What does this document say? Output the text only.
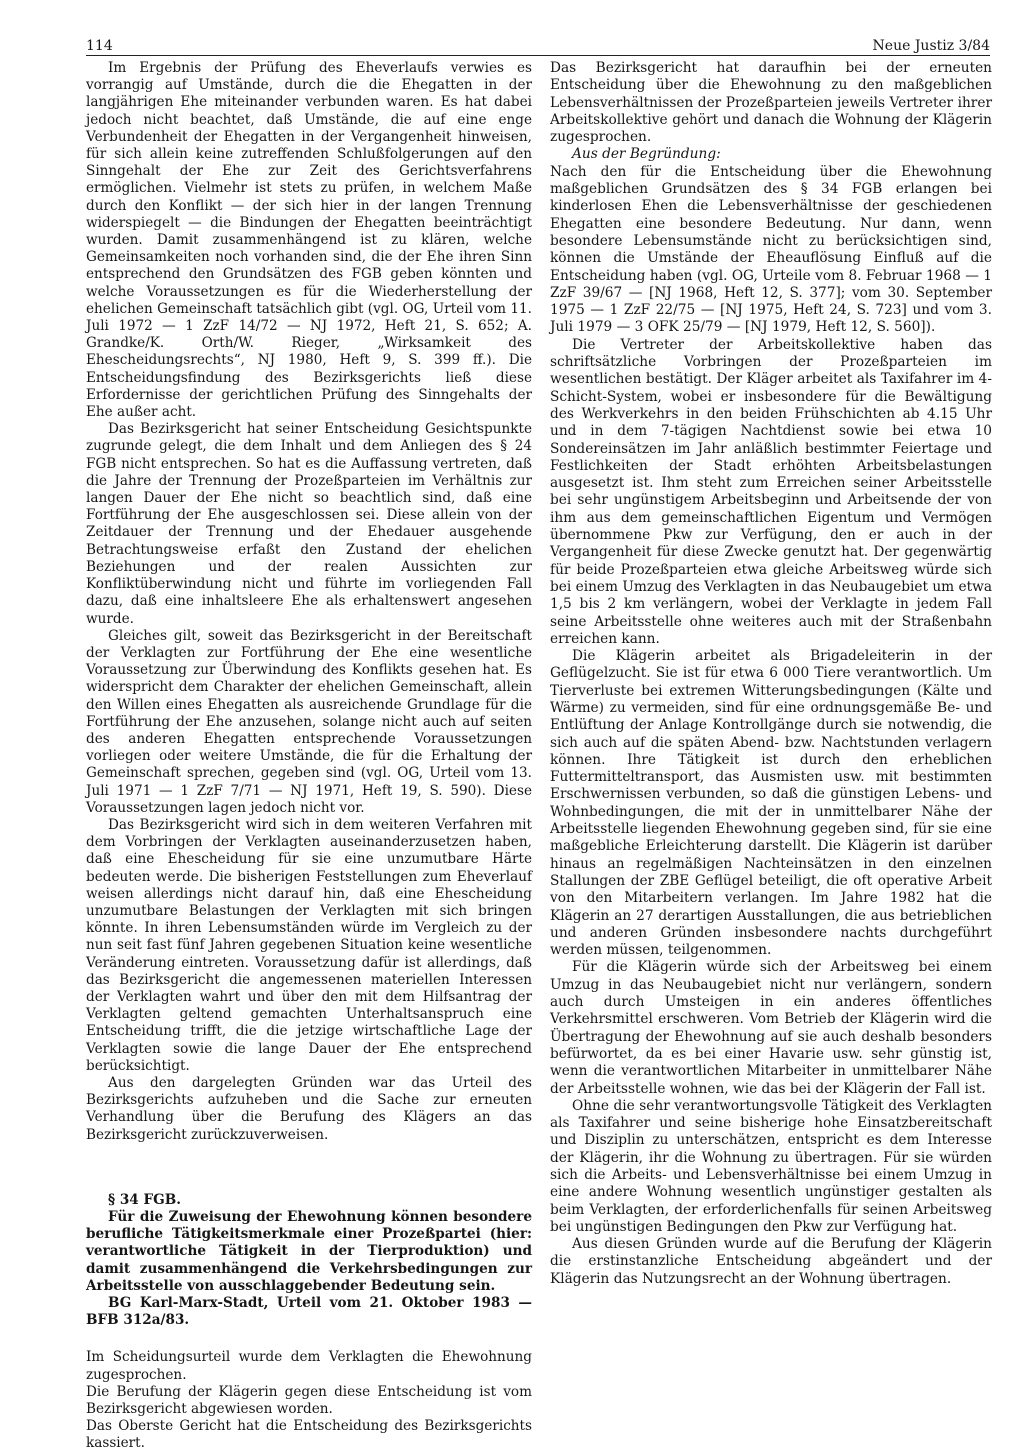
114	Neue Justiz 3/84

Im Ergebnis der Prüfung des Eheverlaufs verwies es vorrangig auf Umstände, durch die die Ehegatten in der langjährigen Ehe miteinander verbunden waren. Es hat dabei jedoch nicht beachtet, daß Umstände, die auf eine enge Verbundenheit der Ehegatten in der Vergangenheit hinweisen, für sich allein keine zutreffenden Schlußfolgerungen auf den Sinngehalt der Ehe zur Zeit des Gerichtsverfahrens ermöglichen. Vielmehr ist stets zu prüfen, in welchem Maße durch den Konflikt — der sich hier in der langen Trennung widerspiegelt — die Bindungen der Ehegatten beeinträchtigt wurden. Damit zusammenhängend ist zu klären, welche Gemeinsamkeiten noch vorhanden sind, die der Ehe ihren Sinn entsprechend den Grundsätzen des FGB geben könnten und welche Voraussetzungen es für die Wiederherstellung der ehelichen Gemeinschaft tatsächlich gibt (vgl. OG, Urteil vom 11. Juli 1972 — 1 ZzF 14/72 — NJ 1972, Heft 21, S. 652; A. Grandke/K. Orth/W. Rieger, „Wirksamkeit des Ehescheidungsrechts“, NJ 1980, Heft 9, S. 399 ff.). Die Entscheidungsfindung des Bezirksgerichts ließ diese Erfordernisse der gerichtlichen Prüfung des Sinngehalts der Ehe außer acht.

Das Bezirksgericht hat seiner Entscheidung Gesichtspunkte zugrunde gelegt, die dem Inhalt und dem Anliegen des § 24 FGB nicht entsprechen. So hat es die Auffassung vertreten, daß die Jahre der Trennung der Prozeßparteien im Verhältnis zur langen Dauer der Ehe nicht so beachtlich sind, daß eine Fortführung der Ehe ausgeschlossen sei. Diese allein von der Zeitdauer der Trennung und der Ehedauer ausgehende Betrachtungsweise erfaßt den Zustand der ehelichen Beziehungen und der realen Aussichten zur Konfliktüberwindung nicht und führte im vorliegenden Fall dazu, daß eine inhaltsleere Ehe als erhaltenswert angesehen wurde.

Gleiches gilt, soweit das Bezirksgericht in der Bereitschaft der Verklagten zur Fortführung der Ehe eine wesentliche Voraussetzung zur Überwindung des Konflikts gesehen hat. Es widerspricht dem Charakter der ehelichen Gemeinschaft, allein den Willen eines Ehegatten als ausreichende Grundlage für die Fortführung der Ehe anzusehen, solange nicht auch auf seiten des anderen Ehegatten entsprechende Voraussetzungen vorliegen oder weitere Umstände, die für die Erhaltung der Gemeinschaft sprechen, gegeben sind (vgl. OG, Urteil vom 13. Juli 1971 — 1 ZzF 7/71 — NJ 1971, Heft 19, S. 590). Diese Voraussetzungen lagen jedoch nicht vor.

Das Bezirksgericht wird sich in dem weiteren Verfahren mit dem Vorbringen der Verklagten auseinanderzusetzen haben, daß eine Ehescheidung für sie eine unzumutbare Härte bedeuten werde. Die bisherigen Feststellungen zum Eheverlauf weisen allerdings nicht darauf hin, daß eine Ehescheidung unzumutbare Belastungen der Verklagten mit sich bringen könnte. In ihren Lebensumständen würde im Vergleich zu der nun seit fast fünf Jahren gegebenen Situation keine wesentliche Veränderung eintreten. Voraussetzung dafür ist allerdings, daß das Bezirksgericht die angemessenen materiellen Interessen der Verklagten wahrt und über den mit dem Hilfsantrag der Verklagten geltend gemachten Unterhaltsanspruch eine Entscheidung trifft, die die jetzige wirtschaftliche Lage der Verklagten sowie die lange Dauer der Ehe entsprechend berücksichtigt.

Aus den dargelegten Gründen war das Urteil des Bezirksgerichts aufzuheben und die Sache zur erneuten Verhandlung über die Berufung des Klägers an das Bezirksgericht zurückzuverweisen.

§ 34 FGB.

Für die Zuweisung der Ehewohnung können besondere berufliche Tätigkeitsmerkmale einer Prozeßpartei (hier: verantwortliche Tätigkeit in der Tierproduktion) und damit zusammenhängend die Verkehrsbedingungen zur Arbeitsstelle von ausschlaggebender Bedeutung sein.

BG Karl-Marx-Stadt, Urteil vom 21. Oktober 1983 — BFB 312a/83.

Im Scheidungsurteil wurde dem Verklagten die Ehewohnung zugesprochen.

Die Berufung der Klägerin gegen diese Entscheidung ist vom Bezirksgericht abgewiesen worden.

Das Oberste Gericht hat die Entscheidung des Bezirksgerichts kassiert.

Das Bezirksgericht hat daraufhin bei der erneuten Entscheidung über die Ehewohnung zu den maßgeblichen Lebensverhältnissen der Prozeßparteien jeweils Vertreter ihrer Arbeitskollektive gehört und danach die Wohnung der Klägerin zugesprochen.

Aus der Begründung:

Nach den für die Entscheidung über die Ehewohnung maßgeblichen Grundsätzen des § 34 FGB erlangen bei kinderlosen Ehen die Lebensverhältnisse der geschiedenen Ehegatten eine besondere Bedeutung. Nur dann, wenn besondere Lebensumstände nicht zu berücksichtigen sind, können die Umstände der Eheauflösung Einfluß auf die Entscheidung haben (vgl. OG, Urteile vom 8. Februar 1968 — 1 ZzF 39/67 — [NJ 1968, Heft 12, S. 377]; vom 30. September 1975 — 1 ZzF 22/75 — [NJ 1975, Heft 24, S. 723] und vom 3. Juli 1979 — 3 OFK 25/79 — [NJ 1979, Heft 12, S. 560]).

Die Vertreter der Arbeitskollektive haben das schriftsätzliche Vorbringen der Prozeßparteien im wesentlichen bestätigt. Der Kläger arbeitet als Taxifahrer im 4-Schicht-System, wobei er insbesondere für die Bewältigung des Werkverkehrs in den beiden Frühschichten ab 4.15 Uhr und in dem 7-tägigen Nachtdienst sowie bei etwa 10 Sondereinsätzen im Jahr anläßlich bestimmter Feiertage und Festlichkeiten der Stadt erhöhten Arbeitsbelastungen ausgesetzt ist. Ihm steht zum Erreichen seiner Arbeitsstelle bei sehr ungünstigem Arbeitsbeginn und Arbeitsende der von ihm aus dem gemeinschaftlichen Eigentum und Vermögen übernommene Pkw zur Verfügung, den er auch in der Vergangenheit für diese Zwecke genutzt hat. Der gegenwärtig für beide Prozeßparteien etwa gleiche Arbeitsweg würde sich bei einem Umzug des Verklagten in das Neubaugebiet um etwa 1,5 bis 2 km verlängern, wobei der Verklagte in jedem Fall seine Arbeitsstelle ohne weiteres auch mit der Straßenbahn erreichen kann.

Die Klägerin arbeitet als Brigadeleiterin in der Geflügelzucht. Sie ist für etwa 6 000 Tiere verantwortlich. Um Tierverluste bei extremen Witterungsbedingungen (Kälte und Wärme) zu vermeiden, sind für eine ordnungsgemäße Be- und Entlüftung der Anlage Kontrollgänge durch sie notwendig, die sich auch auf die späten Abend- bzw. Nachtstunden verlagern können. Ihre Tätigkeit ist durch den erheblichen Futtermitteltransport, das Ausmisten usw. mit bestimmten Erschwernissen verbunden, so daß die günstigen Lebens- und Wohnbedingungen, die mit der in unmittelbarer Nähe der Arbeitsstelle liegenden Ehewohnung gegeben sind, für sie eine maßgebliche Erleichterung darstellt. Die Klägerin ist darüber hinaus an regelmäßigen Nachteinsätzen in den einzelnen Stallungen der ZBE Geflügel beteiligt, die oft operative Arbeit von den Mitarbeitern verlangen. Im Jahre 1982 hat die Klägerin an 27 derartigen Ausstallungen, die aus betrieblichen und anderen Gründen insbesondere nachts durchgeführt werden müssen, teilgenommen.

Für die Klägerin würde sich der Arbeitsweg bei einem Umzug in das Neubaugebiet nicht nur verlängern, sondern auch durch Umsteigen in ein anderes öffentliches Verkehrsmittel erschweren. Vom Betrieb der Klägerin wird die Übertragung der Ehewohnung auf sie auch deshalb besonders befürwortet, da es bei einer Havarie usw. sehr günstig ist, wenn die verantwortlichen Mitarbeiter in unmittelbarer Nähe der Arbeitsstelle wohnen, wie das bei der Klägerin der Fall ist.

Ohne die sehr verantwortungsvolle Tätigkeit des Verklagten als Taxifahrer und seine bisherige hohe Einsatzbereitschaft und Disziplin zu unterschätzen, entspricht es dem Interesse der Klägerin, ihr die Wohnung zu übertragen. Für sie würden sich die Arbeits- und Lebensverhältnisse bei einem Umzug in eine andere Wohnung wesentlich ungünstiger gestalten als beim Verklagten, der erforderlichenfalls für seinen Arbeitsweg bei ungünstigen Bedingungen den Pkw zur Verfügung hat.

Aus diesen Gründen wurde auf die Berufung der Klägerin die erstinstanzliche Entscheidung abgeändert und der Klägerin das Nutzungsrecht an der Wohnung übertragen.
